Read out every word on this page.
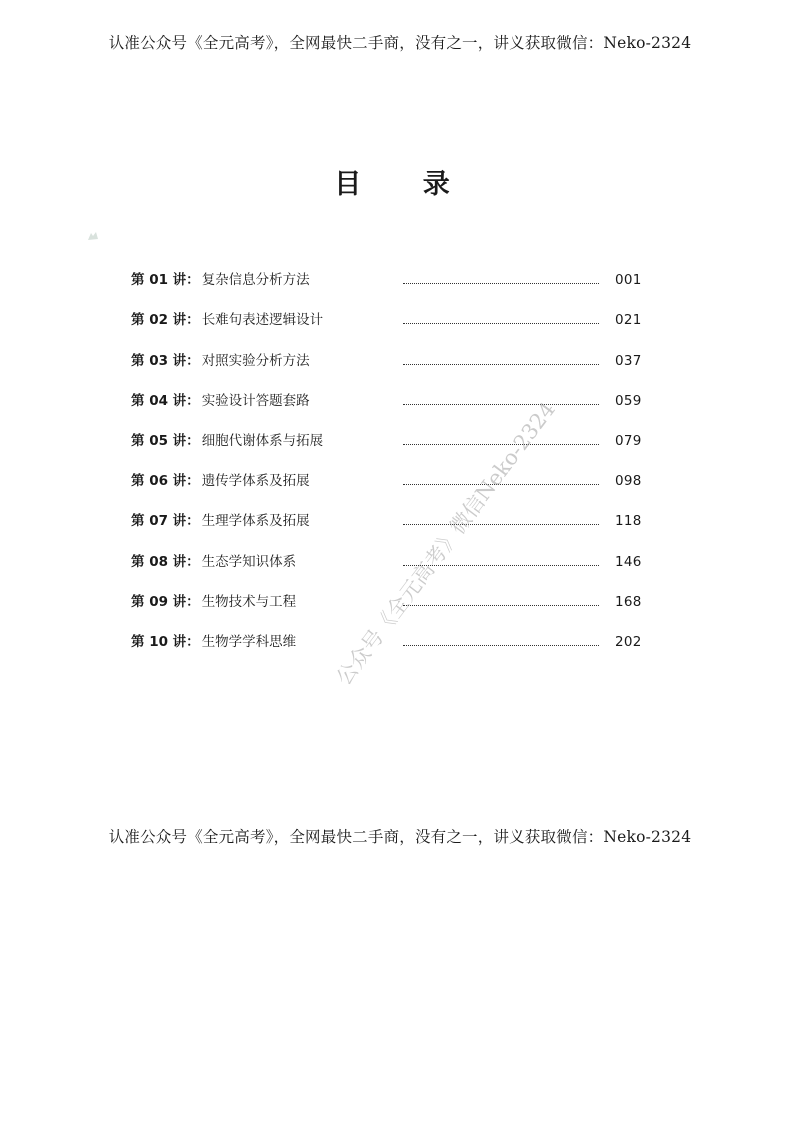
认准公众号《全元高考》，全网最快二手商，没有之一，讲义获取微信：Neko-2324
目 录
第 01 讲： 复杂信息分析方法	001
第 02 讲： 长难句表述逻辑设计	021
第 03 讲： 对照实验分析方法	037
第 04 讲： 实验设计答题套路	059
第 05 讲： 细胞代谢体系与拓展	079
第 06 讲： 遗传学体系及拓展	098
第 07 讲： 生理学体系及拓展	118
第 08 讲： 生态学知识体系	146
第 09 讲： 生物技术与工程	168
第 10 讲： 生物学学科思维	202
公众号《全元高考》微信Neko-2324
认准公众号《全元高考》，全网最快二手商，没有之一，讲义获取微信：Neko-2324
